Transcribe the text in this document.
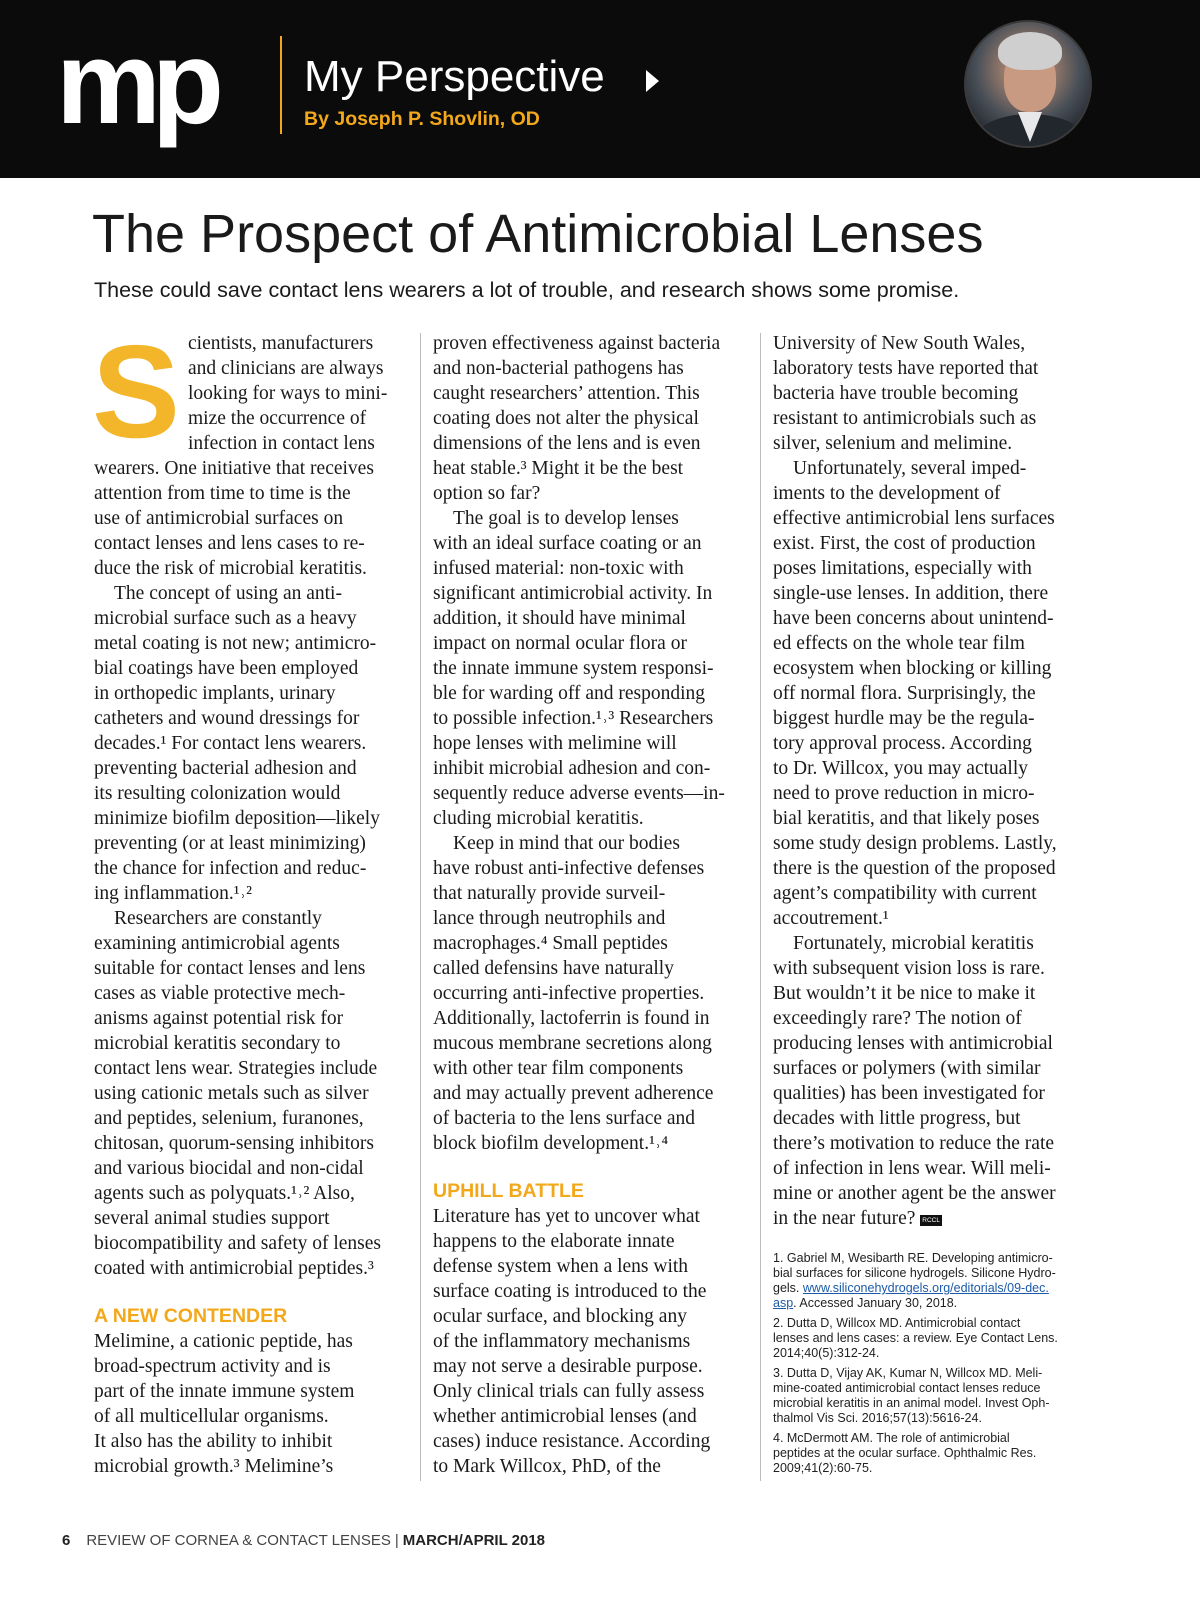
mp My Perspective
By Joseph P. Shovlin, OD
The Prospect of Antimicrobial Lenses
These could save contact lens wearers a lot of trouble, and research shows some promise.
S cientists, manufacturers
and clinicians are always
looking for ways to mini-
mize the occurrence of
infection in contact lens
wearers. One initiative that receives
attention from time to time is the
use of antimicrobial surfaces on
contact lenses and lens cases to re-
duce the risk of microbial keratitis.
The concept of using an anti-
microbial surface such as a heavy
metal coating is not new; antimicro-
bial coatings have been employed
in orthopedic implants, urinary
catheters and wound dressings for
decades.¹ For contact lens wearers.
preventing bacterial adhesion and
its resulting colonization would
minimize biofilm deposition—likely
preventing (or at least minimizing)
the chance for infection and reduc-
ing inflammation.¹˒²
Researchers are constantly
examining antimicrobial agents
suitable for contact lenses and lens
cases as viable protective mech-
anisms against potential risk for
microbial keratitis secondary to
contact lens wear. Strategies include
using cationic metals such as silver
and peptides, selenium, furanones,
chitosan, quorum-sensing inhibitors
and various biocidal and non-cidal
agents such as polyquats.¹˒² Also,
several animal studies support
biocompatibility and safety of lenses
coated with antimicrobial peptides.³
A NEW CONTENDER
Melimine, a cationic peptide, has
broad-spectrum activity and is
part of the innate immune system
of all multicellular organisms.
It also has the ability to inhibit
microbial growth.³ Melimine’s
proven effectiveness against bacteria
and non-bacterial pathogens has
caught researchers’ attention. This
coating does not alter the physical
dimensions of the lens and is even
heat stable.³ Might it be the best
option so far?
The goal is to develop lenses
with an ideal surface coating or an
infused material: non-toxic with
significant antimicrobial activity. In
addition, it should have minimal
impact on normal ocular flora or
the innate immune system responsi-
ble for warding off and responding
to possible infection.¹˒³ Researchers
hope lenses with melimine will
inhibit microbial adhesion and con-
sequently reduce adverse events—in-
cluding microbial keratitis.
Keep in mind that our bodies
have robust anti-infective defenses
that naturally provide surveil-
lance through neutrophils and
macrophages.⁴ Small peptides
called defensins have naturally
occurring anti-infective properties.
Additionally, lactoferrin is found in
mucous membrane secretions along
with other tear film components
and may actually prevent adherence
of bacteria to the lens surface and
block biofilm development.¹˒⁴
UPHILL BATTLE
Literature has yet to uncover what
happens to the elaborate innate
defense system when a lens with
surface coating is introduced to the
ocular surface, and blocking any
of the inflammatory mechanisms
may not serve a desirable purpose.
Only clinical trials can fully assess
whether antimicrobial lenses (and
cases) induce resistance. According
to Mark Willcox, PhD, of the
University of New South Wales,
laboratory tests have reported that
bacteria have trouble becoming
resistant to antimicrobials such as
silver, selenium and melimine.
Unfortunately, several imped-
iments to the development of
effective antimicrobial lens surfaces
exist. First, the cost of production
poses limitations, especially with
single-use lenses. In addition, there
have been concerns about unintend-
ed effects on the whole tear film
ecosystem when blocking or killing
off normal flora. Surprisingly, the
biggest hurdle may be the regula-
tory approval process. According
to Dr. Willcox, you may actually
need to prove reduction in micro-
bial keratitis, and that likely poses
some study design problems. Lastly,
there is the question of the proposed
agent’s compatibility with current
accoutrement.¹
Fortunately, microbial keratitis
with subsequent vision loss is rare.
But wouldn’t it be nice to make it
exceedingly rare? The notion of
producing lenses with antimicrobial
surfaces or polymers (with similar
qualities) has been investigated for
decades with little progress, but
there’s motivation to reduce the rate
of infection in lens wear. Will meli-
mine or another agent be the answer
in the near future? RCCL
1. Gabriel M, Wesibarth RE. Developing antimicro-
bial surfaces for silicone hydrogels. Silicone Hydro-
gels. www.siliconehydrogels.org/editorials/09-dec.
asp. Accessed January 30, 2018.
2. Dutta D, Willcox MD. Antimicrobial contact
lenses and lens cases: a review. Eye Contact Lens.
2014;40(5):312-24.
3. Dutta D, Vijay AK, Kumar N, Willcox MD. Meli-
mine-coated antimicrobial contact lenses reduce
microbial keratitis in an animal model. Invest Oph-
thalmol Vis Sci. 2016;57(13):5616-24.
4. McDermott AM. The role of antimicrobial
peptides at the ocular surface. Ophthalmic Res.
2009;41(2):60-75.
6 REVIEW OF CORNEA & CONTACT LENSES | MARCH/APRIL 2018
